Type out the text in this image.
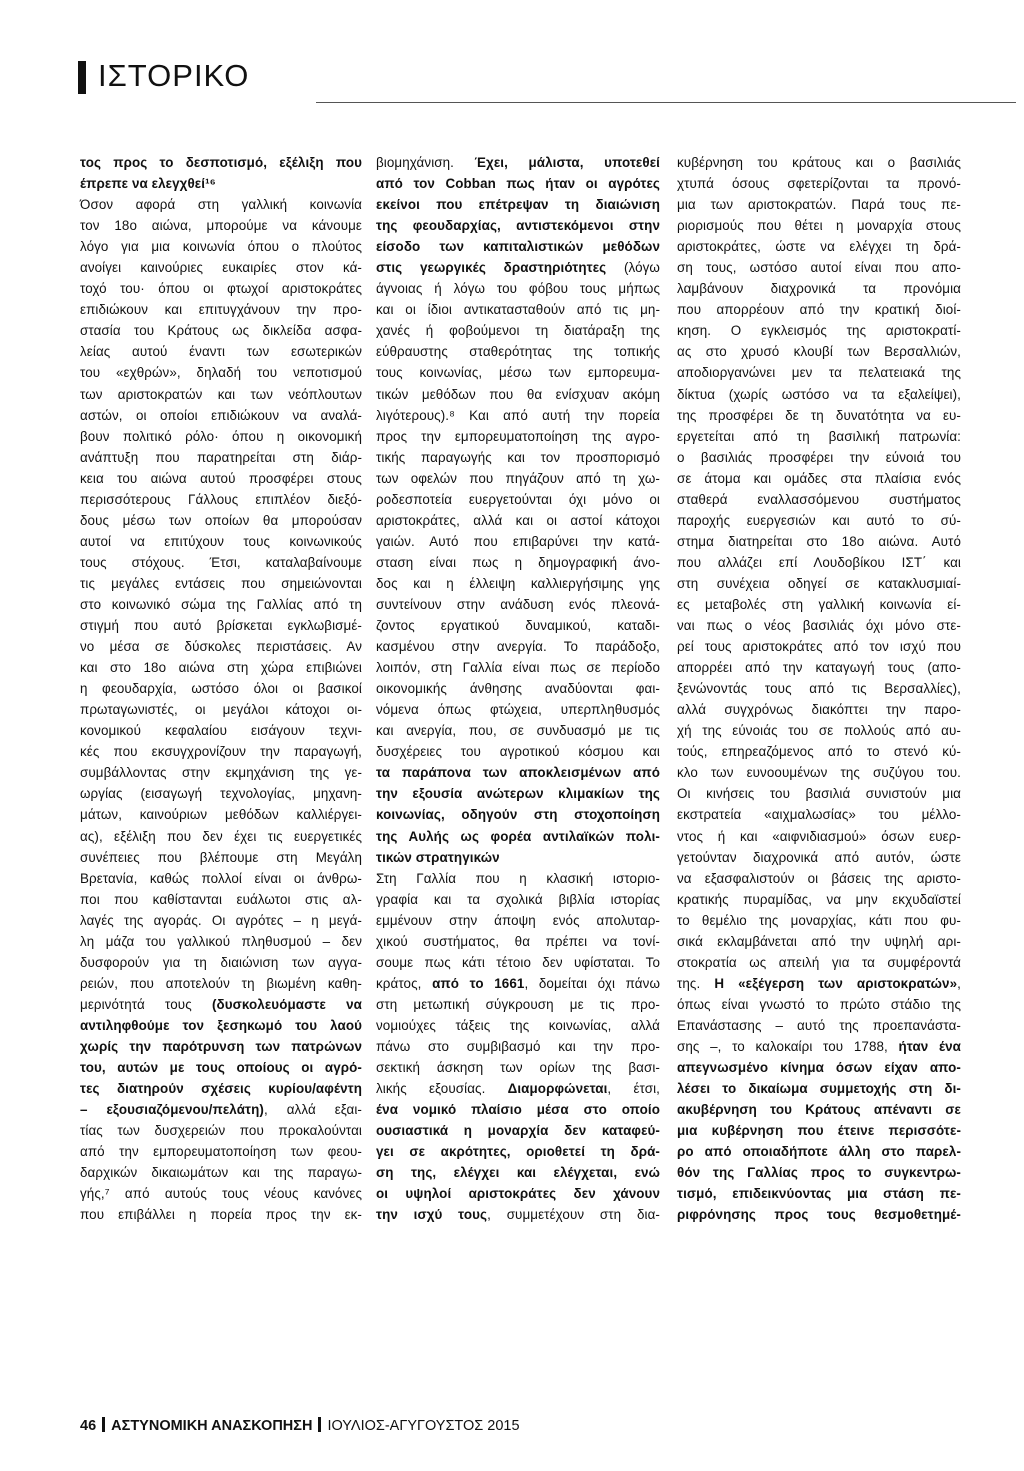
ΙΣΤΟΡΙΚΟ
τος προς το δεσποτισμό, εξέλιξη που
έπρεπε να ελεγχθεί¹⁶
Όσον αφορά στη γαλλική κοινωνία
τον 18ο αιώνα, μπορούμε να κάνουμε
λόγο για μια κοινωνία όπου ο πλούτος
ανοίγει καινούριες ευκαιρίες στον κά-
τοχό του· όπου οι φτωχοί αριστοκράτες
επιδιώκουν και επιτυγχάνουν την προ-
στασία του Κράτους ως δικλείδα ασφα-
λείας αυτού έναντι των εσωτερικών
του «εχθρών», δηλαδή του νεποτισμού
των αριστοκρατών και των νεόπλουτων
αστών, οι οποίοι επιδιώκουν να αναλά-
βουν πολιτικό ρόλο· όπου η οικονομική
ανάπτυξη που παρατηρείται στη διάρ-
κεια του αιώνα αυτού προσφέρει στους
περισσότερους Γάλλους επιπλέον διεξό-
δους μέσω των οποίων θα μπορούσαν
αυτοί να επιτύχουν τους κοινωνικούς
τους στόχους. Έτσι, καταλαβαίνουμε
τις μεγάλες εντάσεις που σημειώνονται
στο κοινωνικό σώμα της Γαλλίας από τη
στιγμή που αυτό βρίσκεται εγκλωβισμέ-
νο μέσα σε δύσκολες περιστάσεις. Αν
και στο 18ο αιώνα στη χώρα επιβιώνει
η φεουδαρχία, ωστόσο όλοι οι βασικοί
πρωταγωνιστές, οι μεγάλοι κάτοχοι οι-
κονομικού κεφαλαίου εισάγουν τεχνι-
κές που εκσυγχρονίζουν την παραγωγή,
συμβάλλοντας στην εκμηχάνιση της γε-
ωργίας (εισαγωγή τεχνολογίας, μηχανη-
μάτων, καινούριων μεθόδων καλλιέργει-
ας), εξέλιξη που δεν έχει τις ευεργετικές
συνέπειες που βλέπουμε στη Μεγάλη
Βρετανία, καθώς πολλοί είναι οι άνθρω-
ποι που καθίστανται ευάλωτοι στις αλ-
λαγές της αγοράς. Οι αγρότες – η μεγά-
λη μάζα του γαλλικού πληθυσμού – δεν
δυσφορούν για τη διαιώνιση των αγγα-
ρειών, που αποτελούν τη βιωμένη καθη-
μερινότητά τους (δυσκολευόμαστε να
αντιληφθούμε τον ξεσηκωμό του λαού
χωρίς την παρότρυνση των πατρώνων
του, αυτών με τους οποίους οι αγρό-
τες διατηρούν σχέσεις κυρίου/αφέντη
– εξουσιαζόμενου/πελάτη), αλλά εξαι-
τίας των δυσχερειών που προκαλούνται
από την εμπορευματοποίηση των φεου-
δαρχικών δικαιωμάτων και της παραγω-
γής,⁷ από αυτούς τους νέους κανόνες
που επιβάλλει η πορεία προς την εκ-
βιομηχάνιση. Έχει, μάλιστα, υποτεθεί
από τον Cobban πως ήταν οι αγρότες
εκείνοι που επέτρεψαν τη διαιώνιση
της φεουδαρχίας, αντιστεκόμενοι στην
είσοδο των καπιταλιστικών μεθόδων
στις γεωργικές δραστηριότητες (λόγω
άγνοιας ή λόγω του φόβου τους μήπως
και οι ίδιοι αντικατασταθούν από τις μη-
χανές ή φοβούμενοι τη διατάραξη της
εύθραυστης σταθερότητας της τοπικής
τους κοινωνίας, μέσω των εμπορευμα-
τικών μεθόδων που θα ενίσχυαν ακόμη
λιγότερους).⁸ Και από αυτή την πορεία
προς την εμπορευματοποίηση της αγρο-
τικής παραγωγής και τον προσπορισμό
των οφελών που πηγάζουν από τη χω-
ροδεσποτεία ευεργετούνται όχι μόνο οι
αριστοκράτες, αλλά και οι αστοί κάτοχοι
γαιών. Αυτό που επιβαρύνει την κατά-
σταση είναι πως η δημογραφική άνο-
δος και η έλλειψη καλλιεργήσιμης γης
συντείνουν στην ανάδυση ενός πλεονά-
ζοντος εργατικού δυναμικού, καταδι-
κασμένου στην ανεργία. Το παράδοξο,
λοιπόν, στη Γαλλία είναι πως σε περίοδο
οικονομικής άνθησης αναδύονται φαι-
νόμενα όπως φτώχεια, υπερπληθυσμός
και ανεργία, που, σε συνδυασμό με τις
δυσχέρειες του αγροτικού κόσμου και
τα παράπονα των αποκλεισμένων από
την εξουσία ανώτερων κλιμακίων της
κοινωνίας, οδηγούν στη στοχοποίηση
της Αυλής ως φορέα αντιλαϊκών πολι-
τικών στρατηγικών
Στη Γαλλία που η κλασική ιστοριο-
γραφία και τα σχολικά βιβλία ιστορίας
εμμένουν στην άποψη ενός απολυταρ-
χικού συστήματος, θα πρέπει να τονί-
σουμε πως κάτι τέτοιο δεν υφίσταται. Το
κράτος, από το 1661, δομείται όχι πάνω
στη μετωπική σύγκρουση με τις προ-
νομιούχες τάξεις της κοινωνίας, αλλά
πάνω στο συμβιβασμό και την προ-
σεκτική άσκηση των ορίων της βασι-
λικής εξουσίας. Διαμορφώνεται, έτσι,
ένα νομικό πλαίσιο μέσα στο οποίο
ουσιαστικά η μοναρχία δεν καταφεύ-
γει σε ακρότητες, οριοθετεί τη δρά-
ση της, ελέγχει και ελέγχεται, ενώ
οι υψηλοί αριστοκράτες δεν χάνουν
την ισχύ τους, συμμετέχουν στη δια-
κυβέρνηση του κράτους και ο βασιλιάς
χτυπά όσους σφετερίζονται τα προνό-
μια των αριστοκρατών. Παρά τους πε-
ριορισμούς που θέτει η μοναρχία στους
αριστοκράτες, ώστε να ελέγχει τη δρά-
ση τους, ωστόσο αυτοί είναι που απο-
λαμβάνουν διαχρονικά τα προνόμια
που απορρέουν από την κρατική διοί-
κηση. Ο εγκλεισμός της αριστοκρατί-
ας στο χρυσό κλουβί των Βερσαλλιών,
αποδιοργανώνει μεν τα πελατειακά της
δίκτυα (χωρίς ωστόσο να τα εξαλείψει),
της προσφέρει δε τη δυνατότητα να ευ-
εργετείται από τη βασιλική πατρωνία:
ο βασιλιάς προσφέρει την εύνοιά του
σε άτομα και ομάδες στα πλαίσια ενός
σταθερά εναλλασσόμενου συστήματος
παροχής ευεργεσιών και αυτό το σύ-
στημα διατηρείται στο 18ο αιώνα. Αυτό
που αλλάζει επί Λουδοβίκου ΙΣΤ΄ και
στη συνέχεια οδηγεί σε κατακλυσμιαί-
ες μεταβολές στη γαλλική κοινωνία εί-
ναι πως ο νέος βασιλιάς όχι μόνο στε-
ρεί τους αριστοκράτες από τον ισχύ που
απορρέει από την καταγωγή τους (απο-
ξενώνοντάς τους από τις Βερσαλλίες),
αλλά συγχρόνως διακόπτει την παρο-
χή της εύνοιάς του σε πολλούς από αυ-
τούς, επηρεαζόμενος από το στενό κύ-
κλο των ευνοουμένων της συζύγου του.
Οι κινήσεις του βασιλιά συνιστούν μια
εκστρατεία «αιχμαλωσίας» του μέλλο-
ντος ή και «αιφνιδιασμού» όσων ευερ-
γετούνταν διαχρονικά από αυτόν, ώστε
να εξασφαλιστούν οι βάσεις της αριστο-
κρατικής πυραμίδας, να μην εκχυδαϊστεί
το θεμέλιο της μοναρχίας, κάτι που φυ-
σικά εκλαμβάνεται από την υψηλή αρι-
στοκρατία ως απειλή για τα συμφέροντά
της. Η «εξέγερση των αριστοκρατών»,
όπως είναι γνωστό το πρώτο στάδιο της
Επανάστασης – αυτό της προεπανάστα-
σης –, το καλοκαίρι του 1788, ήταν ένα
απεγνωσμένο κίνημα όσων είχαν απο-
λέσει το δικαίωμα συμμετοχής στη δι-
ακυβέρνηση του Κράτους απέναντι σε
μια κυβέρνηση που έτεινε περισσότε-
ρο από οποιαδήποτε άλλη στο παρελ-
θόν της Γαλλίας προς το συγκεντρω-
τισμό, επιδεικνύοντας μια στάση πε-
ριφρόνησης προς τους θεσμοθετημέ-
46 ΑΣΤΥΝΟΜΙΚΗ ΑΝΑΣΚΟΠΗΣΗ ΙΟΥΛΙΟΣ-ΑΓΥΓΟΥΣΤΟΣ 2015
